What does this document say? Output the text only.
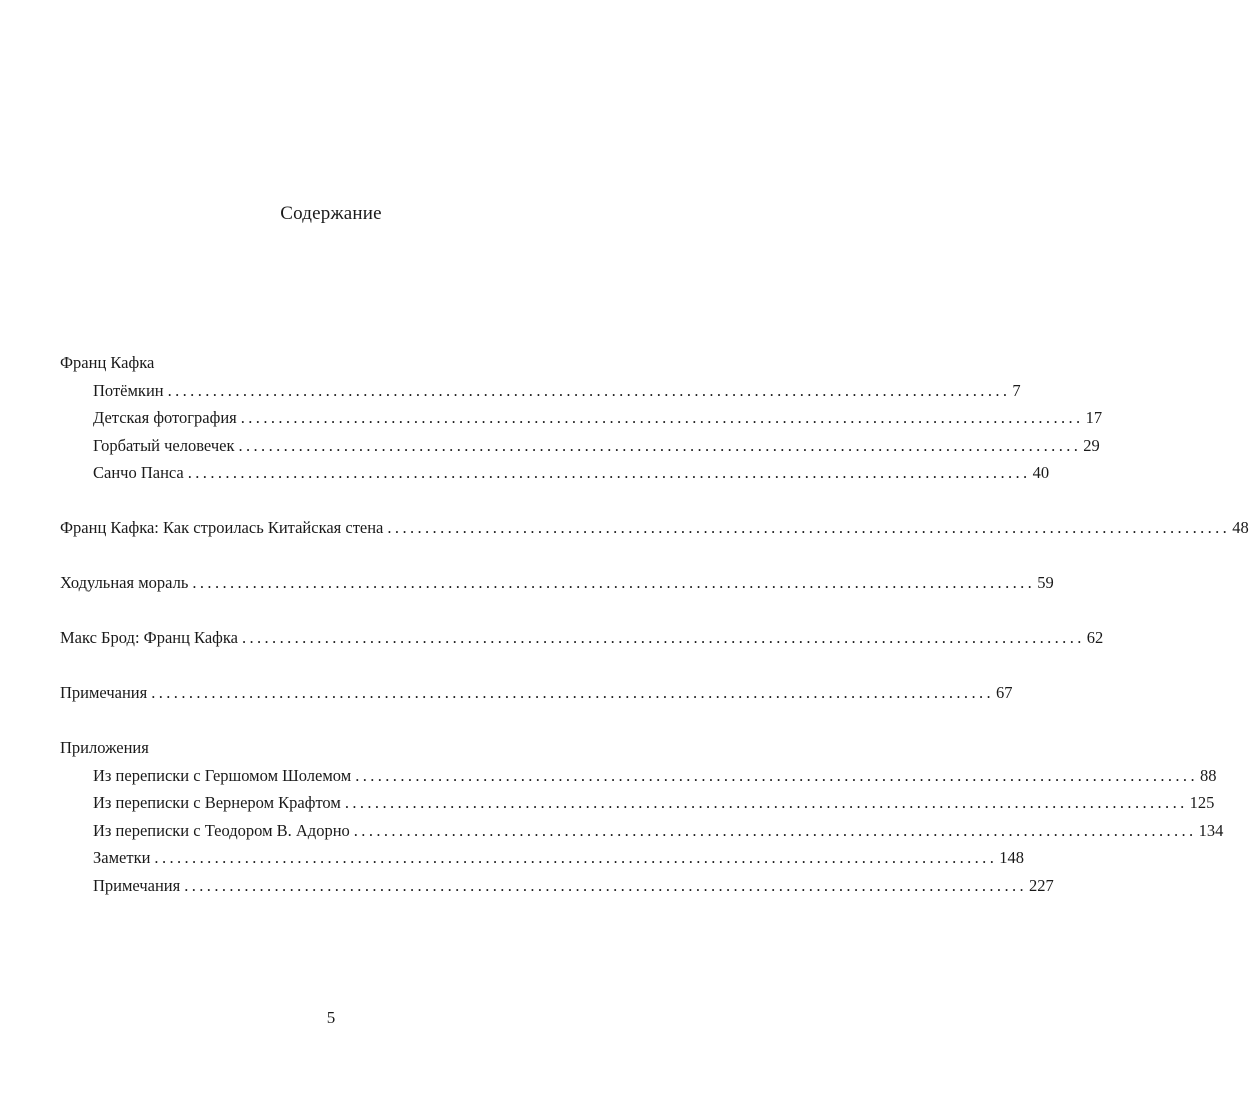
Содержание
Франц Кафка
Потёмкин ................................................................................................................ 7
Детская фотография ................................................................................................................ 17
Горбатый человечек ................................................................................................................ 29
Санчо Панса ................................................................................................................ 40
Франц Кафка: Как строилась Китайская стена ................................................................................................................ 48
Ходульная мораль ................................................................................................................ 59
Макс Брод: Франц Кафка ................................................................................................................ 62
Примечания ................................................................................................................ 67
Приложения
Из переписки с Гершомом Шолемом ................................................................................................................ 88
Из переписки с Вернером Крафтом ................................................................................................................ 125
Из переписки с Теодором В. Адорно ................................................................................................................ 134
Заметки ................................................................................................................ 148
Примечания ................................................................................................................ 227
5
